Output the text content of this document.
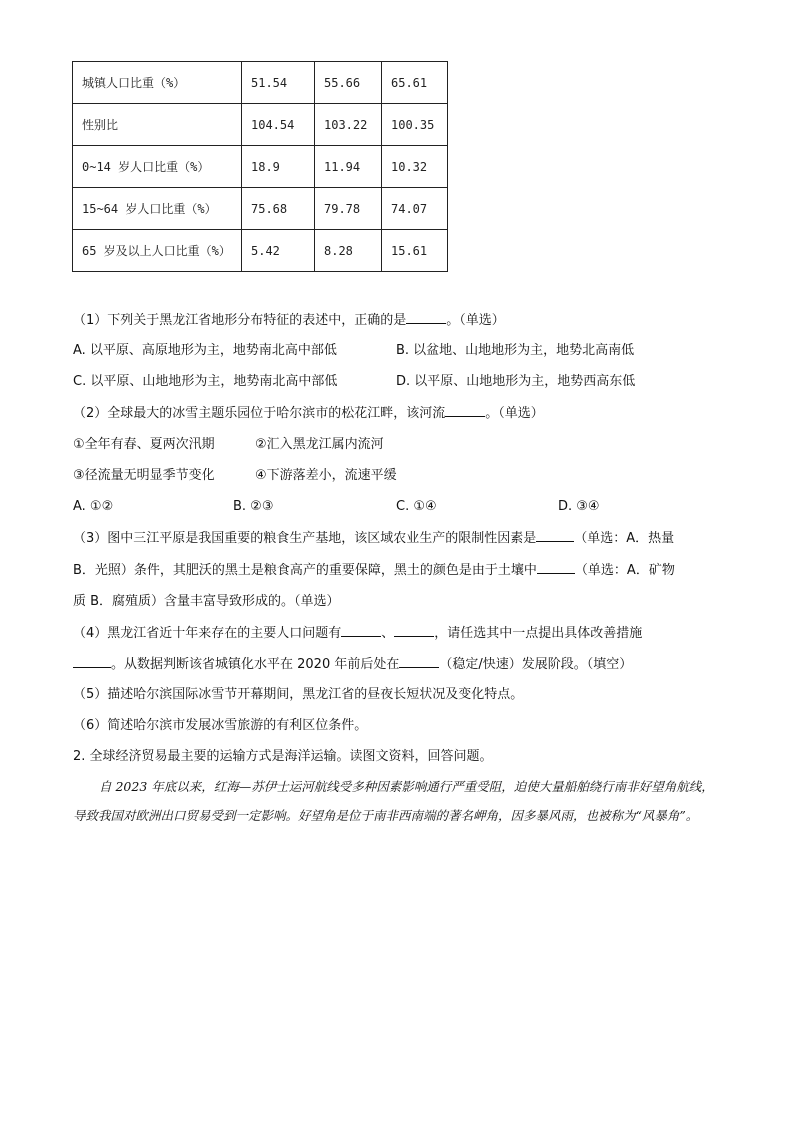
城镇人口比重（%）	51.54	55.66	65.61
性别比	104.54	103.22	100.35
0~14 岁人口比重（%）	18.9	11.94	10.32
15~64 岁人口比重（%）	75.68	79.78	74.07
65 岁及以上人口比重（%）	5.42	8.28	15.61
（1）下列关于黑龙江省地形分布特征的表述中，正确的是	。（单选）
A. 以平原、高原地形为主，地势南北高中部低	B. 以盆地、山地地形为主，地势北高南低
C. 以平原、山地地形为主，地势南北高中部低	D. 以平原、山地地形为主，地势西高东低
（2）全球最大的冰雪主题乐园位于哈尔滨市的松花江畔，该河流	。（单选）
①全年有春、夏两次汛期	②汇入黑龙江属内流河
③径流量无明显季节变化	④下游落差小，流速平缓
A. ①②	B. ②③	C. ①④	D. ③④
（3）图中三江平原是我国重要的粮食生产基地，该区域农业生产的限制性因素是	（单选：A．热量
B．光照）条件，其肥沃的黑土是粮食高产的重要保障，黑土的颜色是由于土壤中	（单选：A．矿物
质 B．腐殖质）含量丰富导致形成的。（单选）
（4）黑龙江省近十年来存在的主要人口问题有	、	，请任选其中一点提出具体改善措施
。从数据判断该省城镇化水平在 2020 年前后处在	（稳定/快速）发展阶段。（填空）
（5）描述哈尔滨国际冰雪节开幕期间，黑龙江省的昼夜长短状况及变化特点。
（6）简述哈尔滨市发展冰雪旅游的有利区位条件。
2. 全球经济贸易最主要的运输方式是海洋运输。读图文资料，回答问题。
自 2023 年底以来，红海—苏伊士运河航线受多种因素影响通行严重受阻，迫使大量船舶绕行南非好望角航线，导致我国对欧洲出口贸易受到一定影响。好望角是位于南非西南端的著名岬角，因多暴风雨，也被称为“风暴角”。
